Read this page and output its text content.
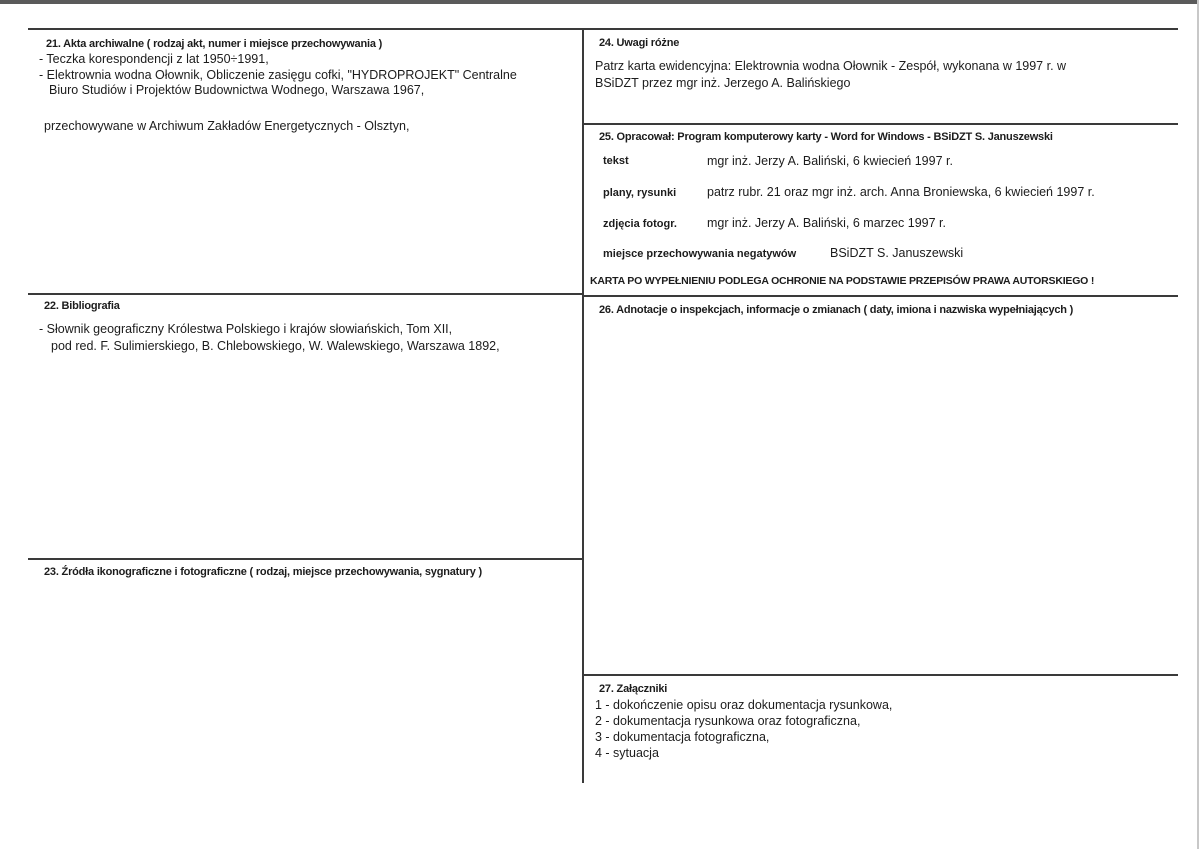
21. Akta archiwalne ( rodzaj akt, numer i miejsce przechowywania )
- Teczka korespondencji z lat 1950÷1991,
- Elektrownia wodna Ołownik, Obliczenie zasięgu cofki, "HYDROPROJEKT" Centralne
Biuro Studiów i Projektów Budownictwa Wodnego, Warszawa 1967,
przechowywane w Archiwum Zakładów Energetycznych - Olsztyn,
22. Bibliografia
- Słownik geograficzny Królestwa Polskiego i krajów słowiańskich, Tom XII,
pod red. F. Sulimierskiego, B. Chlebowskiego, W. Walewskiego, Warszawa 1892,
23. Źródła ikonograficzne i fotograficzne ( rodzaj, miejsce przechowywania, sygnatury )
24. Uwagi różne
Patrz karta ewidencyjna: Elektrownia wodna Ołownik - Zespół, wykonana w 1997 r. w
BSiDZT przez mgr inż. Jerzego A. Balińskiego
25. Opracował: Program komputerowy karty - Word for Windows - BSiDZT S. Januszewski
tekst	mgr inż. Jerzy A. Baliński, 6 kwiecień 1997 r.
plany, rysunki patrz rubr. 21 oraz mgr inż. arch. Anna Broniewska, 6 kwiecień 1997 r.
zdjęcia fotogr. mgr inż. Jerzy A. Baliński, 6 marzec 1997 r.
miejsce przechowywania negatywów	BSiDZT S. Januszewski
KARTA PO WYPEŁNIENIU PODLEGA OCHRONIE NA PODSTAWIE PRZEPISÓW PRAWA AUTORSKIEGO !
26. Adnotacje o inspekcjach, informacje o zmianach ( daty, imiona i nazwiska wypełniających )
27. Załączniki
1 - dokończenie opisu oraz dokumentacja rysunkowa,
2 - dokumentacja rysunkowa oraz fotograficzna,
3 - dokumentacja fotograficzna,
4 - sytuacja
